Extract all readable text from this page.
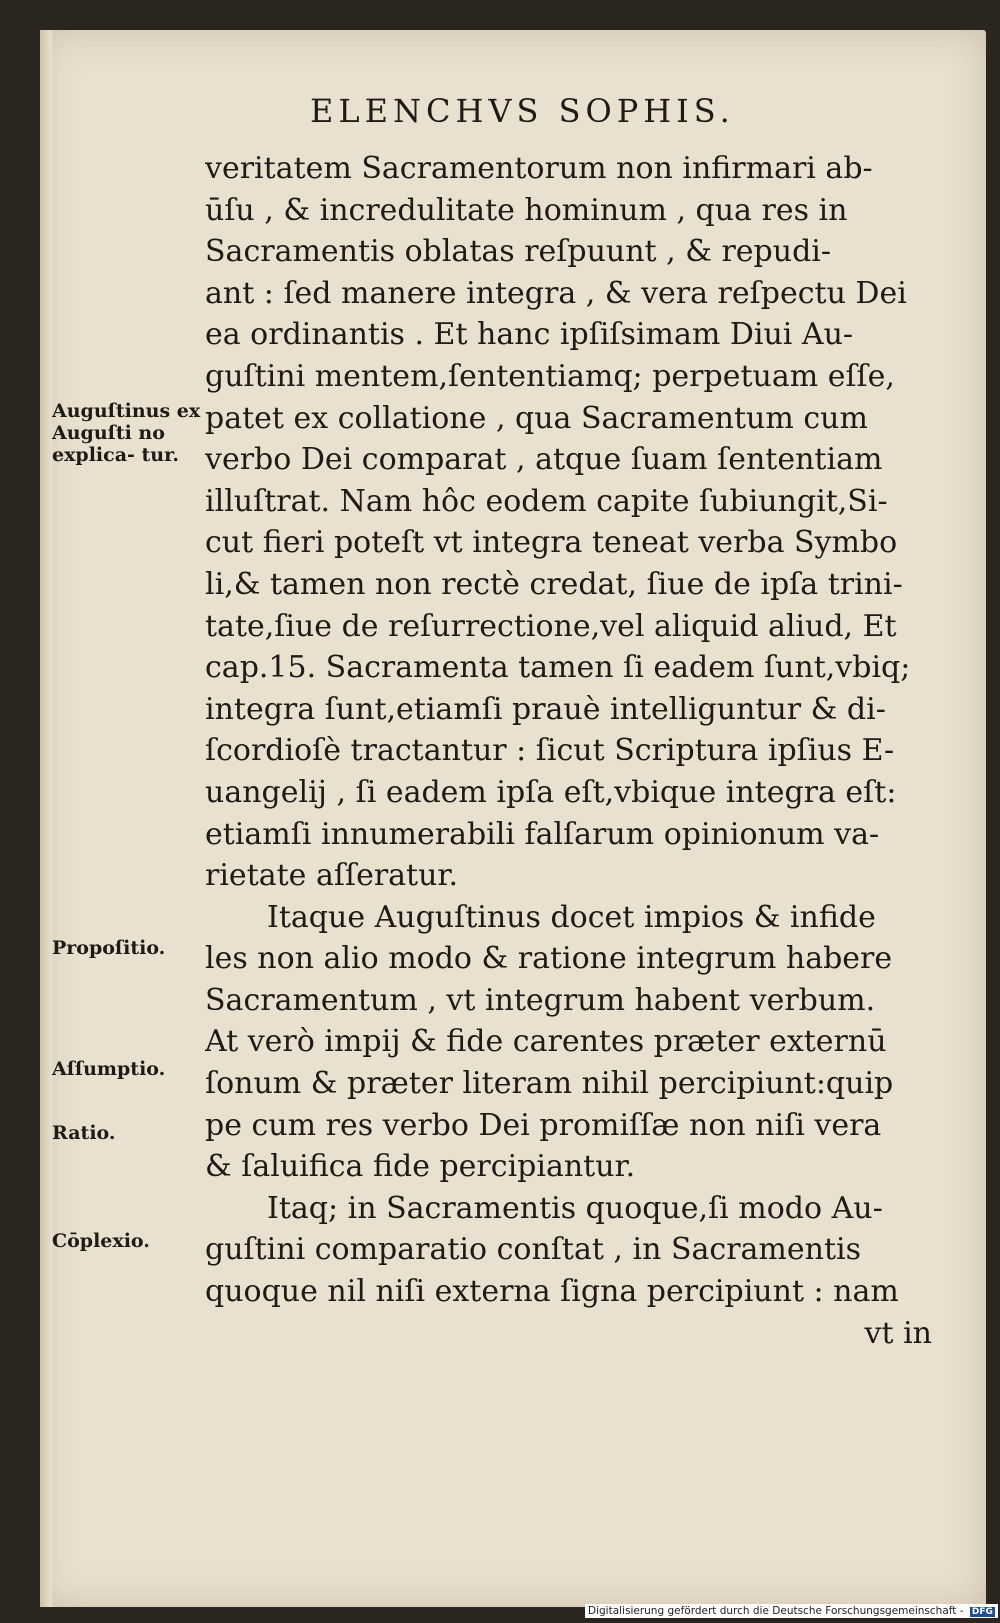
ELENCHVS SOPHIS.
veritatem Sacramentorum non infirmari ab-
ūſu , & incredulitate hominum , qua res in
Sacramentis oblatas reſpuunt , & repudi-
ant : ſed manere integra , & vera reſpectu Dei
ea ordinantis . Et hanc ipſiſsimam Diui Au-
guſtini mentem,ſententiamq; perpetuam eſſe,
patet ex collatione , qua Sacramentum cum
verbo Dei comparat , atque ſuam ſententiam
illuſtrat. Nam hôc eodem capite ſubiungit,Si-
cut fieri poteſt vt integra teneat verba Symbo
li,& tamen non rectè credat, ſiue de ipſa trini-
tate,ſiue de reſurrectione,vel aliquid aliud, Et
cap.15. Sacramenta tamen ſi eadem ſunt,vbiq;
integra ſunt,etiamſi prauè intelliguntur & di-
ſcordioſè tractantur : ſicut Scriptura ipſius E-
uangelij , ſi eadem ipſa eſt,vbique integra eſt:
etiamſi innumerabili falſarum opinionum va-
rietate aſſeratur.
Itaque Auguſtinus docet impios & infide
les non alio modo & ratione integrum habere
Sacramentum , vt integrum habent verbum.
At verò impij & fide carentes præter externū
ſonum & præter literam nihil percipiunt:quip
pe cum res verbo Dei promiſſæ non niſi vera
& ſaluifica fide percipiantur.
Itaq; in Sacramentis quoque,ſi modo Au-
guſtini comparatio conſtat , in Sacramentis
quoque nil niſi externa ſigna percipiunt : nam
vt in
Auguſtinus ex Auguſti no explica- tur.
Propoſitio.
Aſſumptio.
Ratio.
Cōplexio.
Digitalisierung gefördert durch die Deutsche Forschungsgemeinschaft - DFG
